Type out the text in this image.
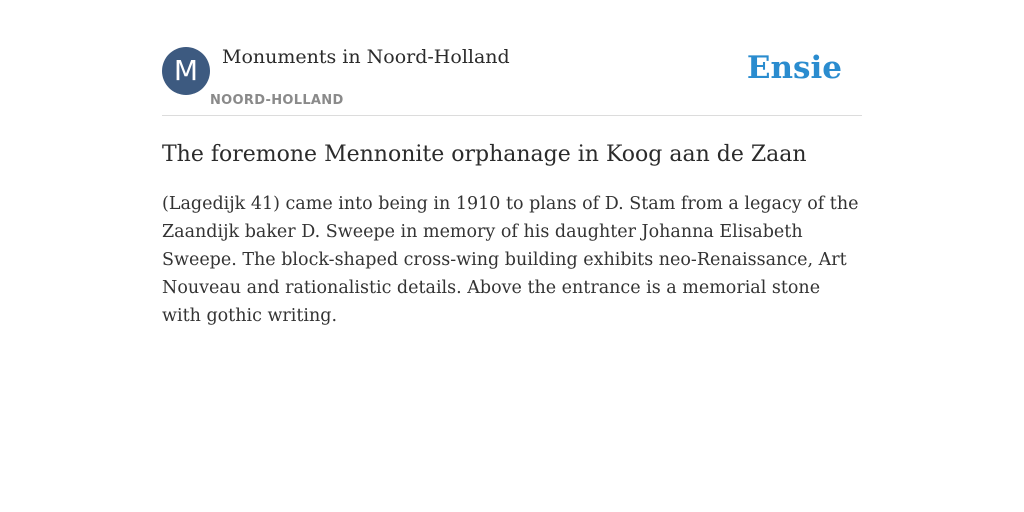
M	Monuments in Noord-Holland
NOORD-HOLLAND
Ensie
The foremone Mennonite orphanage in Koog aan de Zaan

(Lagedijk 41) came into being in 1910 to plans of D. Stam from a legacy of the Zaandijk baker D. Sweepe in memory of his daughter Johanna Elisabeth Sweepe. The block-shaped cross-wing building exhibits neo-Renaissance, Art Nouveau and rationalistic details. Above the entrance is a memorial stone with gothic writing.
